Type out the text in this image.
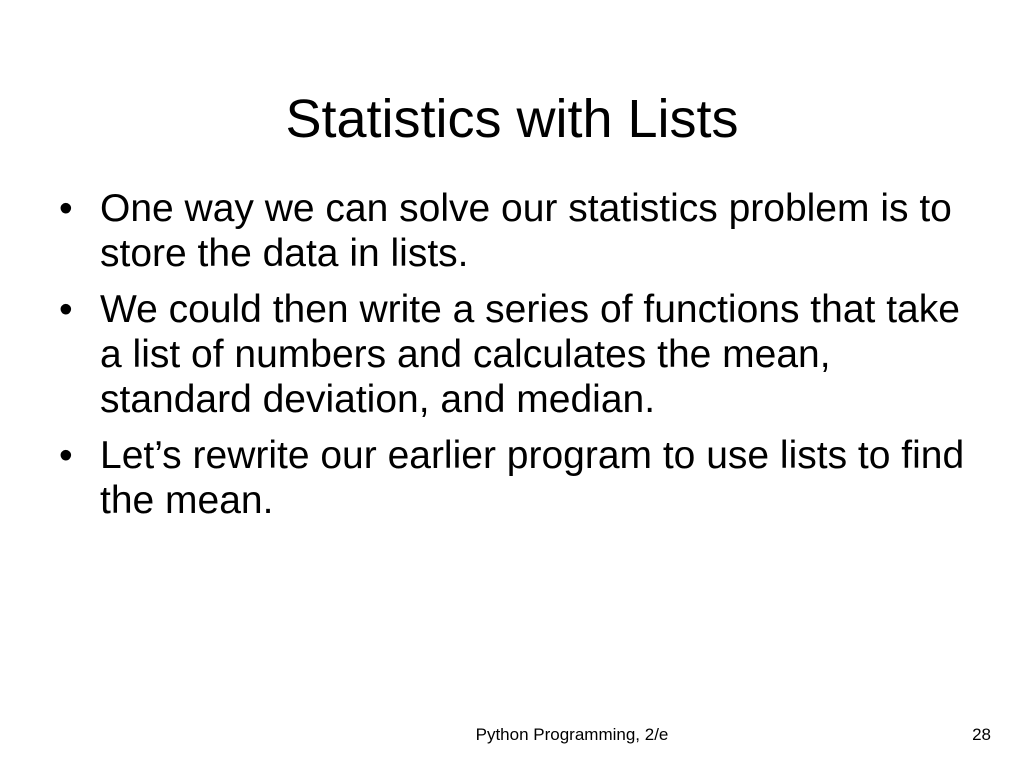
Statistics with Lists
• One way we can solve our statistics problem is to store the data in lists.
• We could then write a series of functions that take a list of numbers and calculates the mean, standard deviation, and median.
• Let’s rewrite our earlier program to use lists to find the mean.
Python Programming, 2/e	28
